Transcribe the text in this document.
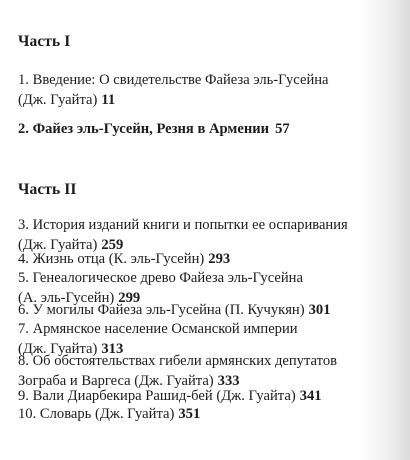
Часть I
1. Введение: О свидетельстве Файеза эль-Гусейна
(Дж. Гуайта) 11
2. Файез эль-Гусейн, Резня в Армении 57
Часть II
3. История изданий книги и попытки ее оспаривания
(Дж. Гуайта) 259
4. Жизнь отца (К. эль-Гусейн) 293
5. Генеалогическое древо Файеза эль-Гусейна
(А. эль-Гусейн) 299
6. У могилы Файеза эль-Гусейна (П. Кучукян) 301
7. Армянское население Османской империи
(Дж. Гуайта) 313
8. Об обстоятельствах гибели армянских депутатов
Зограба и Варгеса (Дж. Гуайта) 333
9. Вали Диарбекира Рашид-бей (Дж. Гуайта) 341
10. Словарь (Дж. Гуайта) 351
